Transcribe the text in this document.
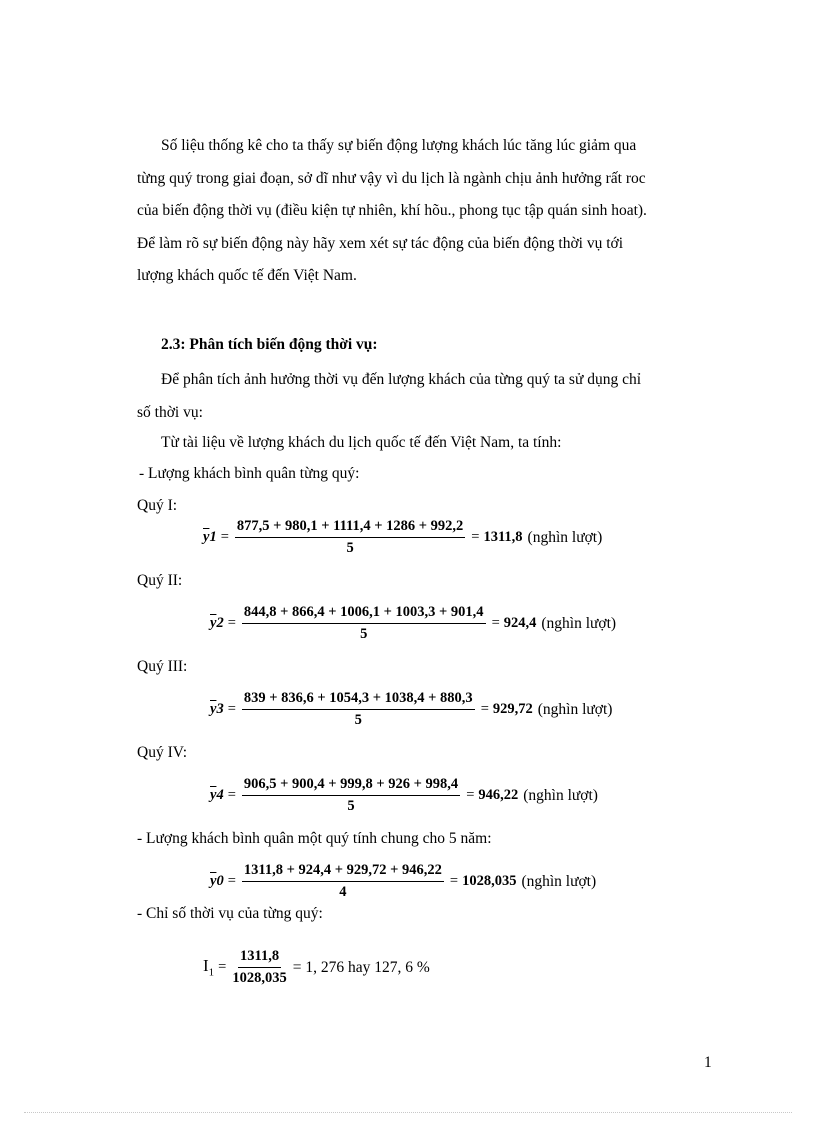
Số liệu thống kê cho ta thấy sự biến động lượng khách lúc tăng lúc giảm qua

từng quý trong giai đoạn, sở dĩ như vậy vì du lịch là ngành chịu ảnh hưởng rất roc

của biến động thời vụ (điều kiện tự nhiên, khí hõu., phong tục tập quán sinh hoat).

Để làm rõ sự biến động này hãy xem xét sự tác động của biến động thời vụ tới

lượng khách quốc tế đến Việt Nam.

2.3: Phân tích biến động thời vụ:

Để phân tích ảnh hưởng thời vụ đến lượng khách của từng quý ta sử dụng chỉ

số thời vụ:

Từ tài liệu về lượng khách du lịch quốc tế đến Việt Nam, ta tính:
- Lượng khách bình quân từng quý:
Quý I:
$\overline{y}1 = \frac{877,5 + 980,1 + 1111,4 + 1286 + 992,2}{5} = 1311,8$ (nghìn lượt)
Quý II:
$\overline{y}2 = \frac{844,8 + 866,4 + 1006,1 + 1003,3 + 901,4}{5} = 924,4$ (nghìn lượt)
Quý III:
$\overline{y}3 = \frac{839 + 836,6 + 1054,3 + 1038,4 + 880,3}{5} = 929,72$ (nghìn lượt)
Quý IV:
$\overline{y}4 = \frac{906,5 + 900,4 + 999,8 + 926 + 998,4}{5} = 946,22$ (nghìn lượt)
- Lượng khách bình quân một quý tính chung cho 5 năm:
$\overline{y}0 = \frac{1311,8 + 924,4 + 929,72 + 946,22}{4} = 1028,035$ (nghìn lượt)
- Chỉ số thời vụ của từng quý:
$I_1 = \frac{1311,8}{1028,035} = 1$, 276 hay 127, 6 %
1
